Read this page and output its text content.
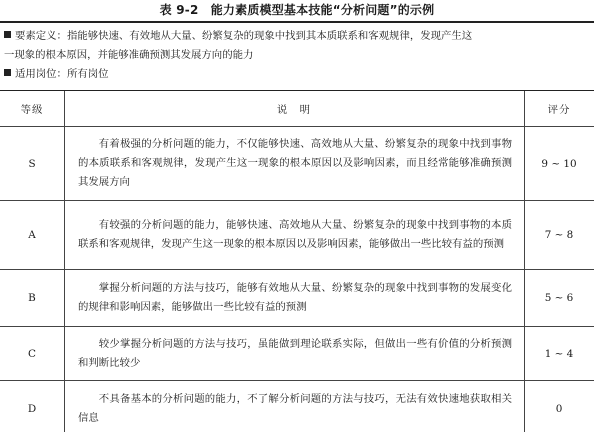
表 9-2　能力素质模型基本技能“分析问题”的示例

要素定义：指能够快速、有效地从大量、纷繁复杂的现象中找到其本质联系和客观规律，发现产生这

一现象的根本原因，并能够准确预测其发展方向的能力

适用岗位：所有岗位

等级	说　明	评分
S	有着极强的分析问题的能力，不仅能够快速、高效地从大量、纷繁复杂的现象中找到事物的本质联系和客观规律，发现产生这一现象的根本原因以及影响因素，而且经常能够准确预测其发展方向	9 ~ 10
A	有较强的分析问题的能力，能够快速、高效地从大量、纷繁复杂的现象中找到事物的本质联系和客观规律，发现产生这一现象的根本原因以及影响因素，能够做出一些比较有益的预测	7 ~ 8
B	掌握分析问题的方法与技巧，能够有效地从大量、纷繁复杂的现象中找到事物的发展变化的规律和影响因素，能够做出一些比较有益的预测	5 ~ 6
C	较少掌握分析问题的方法与技巧，虽能做到理论联系实际，但做出一些有价值的分析预测和判断比较少	1 ~ 4
D	不具备基本的分析问题的能力，不了解分析问题的方法与技巧，无法有效快速地获取相关信息	0
